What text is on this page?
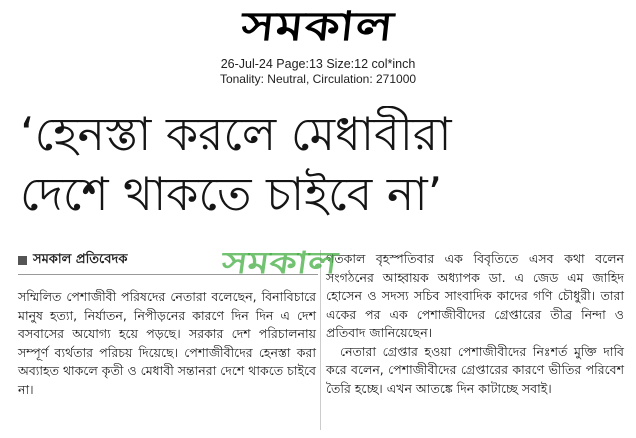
সমকাল
26-Jul-24 Page:13 Size:12 col*inch
Tonality: Neutral, Circulation: 271000
‘হেনস্তা করলে মেধাবীরা
দেশে থাকতে চাইবে না’
সমকাল প্রতিবেদক

সম্মিলিত পেশাজীবী পরিষদের নেতারা বলেছেন, বিনাবিচারে মানুষ হত্যা, নির্যাতন, নিপীড়নের কারণে দিন দিন এ দেশ বসবাসের অযোগ্য হয়ে পড়ছে। সরকার দেশ পরিচালনায় সম্পূর্ণ ব্যর্থতার পরিচয় দিয়েছে। পেশাজীবীদের হেনস্তা করা অব্যাহত থাকলে কৃতী ও মেধাবী সন্তানরা দেশে থাকতে চাইবে না।

গতকাল বৃহস্পতিবার এক বিবৃতিতে এসব কথা বলেন সংগঠনের আহ্বায়ক অধ্যাপক ডা. এ জেড এম জাহিদ হোসেন ও সদস্য সচিব সাংবাদিক কাদের গণি চৌধুরী। তারা একের পর এক পেশাজীবীদের গ্রেপ্তারের তীব্র নিন্দা ও প্রতিবাদ জানিয়েছেন।

নেতারা গ্রেপ্তার হওয়া পেশাজীবীদের নিঃশর্ত মুক্তি দাবি করে বলেন, পেশাজীবীদের গ্রেপ্তারের কারণে ভীতির পরিবেশ তৈরি হচ্ছে। এখন আতঙ্কে দিন কাটাচ্ছে সবাই।

সমকাল
